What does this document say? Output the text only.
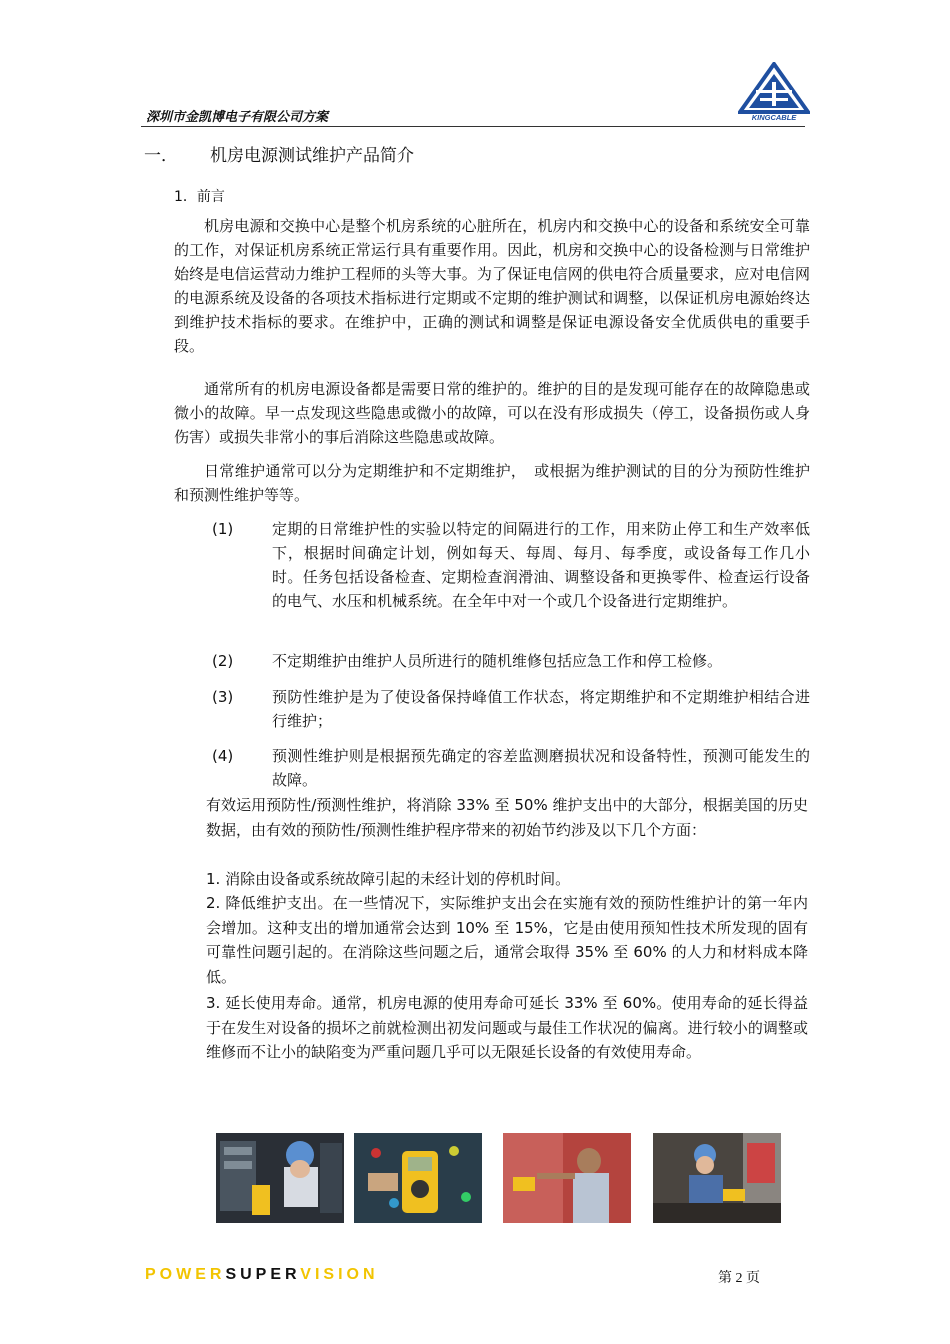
深圳市金凯博电子有限公司方案	KINGCABLE
一． 机房电源测试维护产品简介
1．前言

机房电源和交换中心是整个机房系统的心脏所在，机房内和交换中心的设备和系统安全可靠的工作，对保证机房系统正常运行具有重要作用。因此，机房和交换中心的设备检测与日常维护始终是电信运营动力维护工程师的头等大事。为了保证电信网的供电符合质量要求，应对电信网的电源系统及设备的各项技术指标进行定期或不定期的维护测试和调整，以保证机房电源始终达到维护技术指标的要求。在维护中，正确的测试和调整是保证电源设备安全优质供电的重要手段。

通常所有的机房电源设备都是需要日常的维护的。维护的目的是发现可能存在的故障隐患或微小的故障。早一点发现这些隐患或微小的故障，可以在没有形成损失（停工，设备损伤或人身伤害）或损失非常小的事后消除这些隐患或故障。

日常维护通常可以分为定期维护和不定期维护，　或根据为维护测试的目的分为预防性维护和预测性维护等等。

(1)	定期的日常维护性的实验以特定的间隔进行的工作，用来防止停工和生产效率低下，根据时间确定计划，例如每天、每周、每月、每季度，或设备每工作几小时。任务包括设备检查、定期检查润滑油、调整设备和更换零件、检查运行设备的电气、水压和机械系统。在全年中对一个或几个设备进行定期维护。
(2)	不定期维护由维护人员所进行的随机维修包括应急工作和停工检修。
(3)	预防性维护是为了使设备保持峰值工作状态，将定期维护和不定期维护相结合进行维护；
(4)	预测性维护则是根据预先确定的容差监测磨损状况和设备特性，预测可能发生的故障。

有效运用预防性/预测性维护，将消除 33% 至 50% 维护支出中的大部分，根据美国的历史数据，由有效的预防性/预测性维护程序带来的初始节约涉及以下几个方面：

1. 消除由设备或系统故障引起的未经计划的停机时间。

2. 降低维护支出。在一些情况下，实际维护支出会在实施有效的预防性维护计的第一年内会增加。这种支出的增加通常会达到 10% 至 15%，它是由使用预知性技术所发现的固有可靠性问题引起的。在消除这些问题之后，通常会取得 35% 至 60% 的人力和材料成本降低。

3. 延长使用寿命。通常，机房电源的使用寿命可延长 33% 至 60%。使用寿命的延长得益于在发生对设备的损坏之前就检测出初发问题或与最佳工作状况的偏离。进行较小的调整或维修而不让小的缺陷变为严重问题几乎可以无限延长设备的有效使用寿命。

POWERSUPERVISION	第 2 页
